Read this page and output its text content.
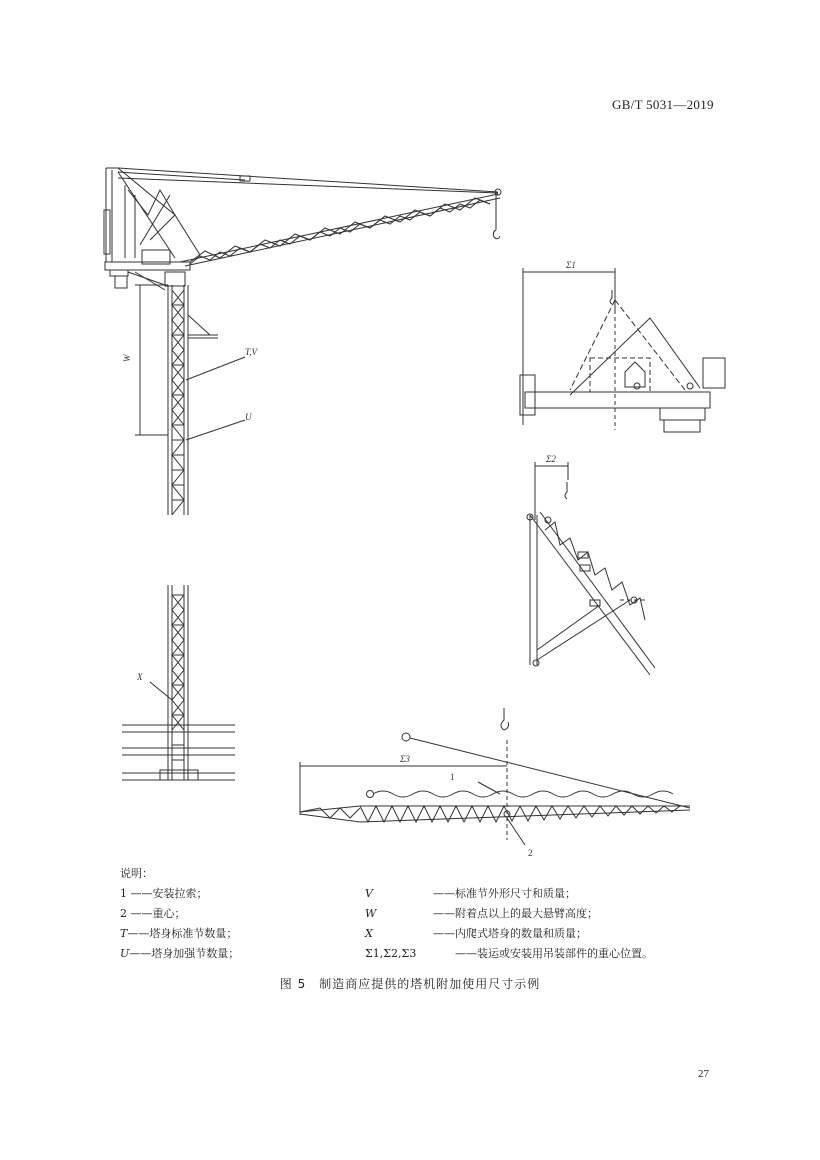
GB/T 5031—2019
W
T,V
U
Σ1
Σ2
X
Σ3
1
2
说明：
1 ——安装拉索；
2 ——重心；
T——塔身标准节数量；
U——塔身加强节数量；
V	——标准节外形尺寸和质量；
W	——附着点以上的最大悬臂高度；
X	——内爬式塔身的数量和质量；
Σ1,Σ2,Σ3	——装运或安装用吊装部件的重心位置。
图 5　制造商应提供的塔机附加使用尺寸示例
27
